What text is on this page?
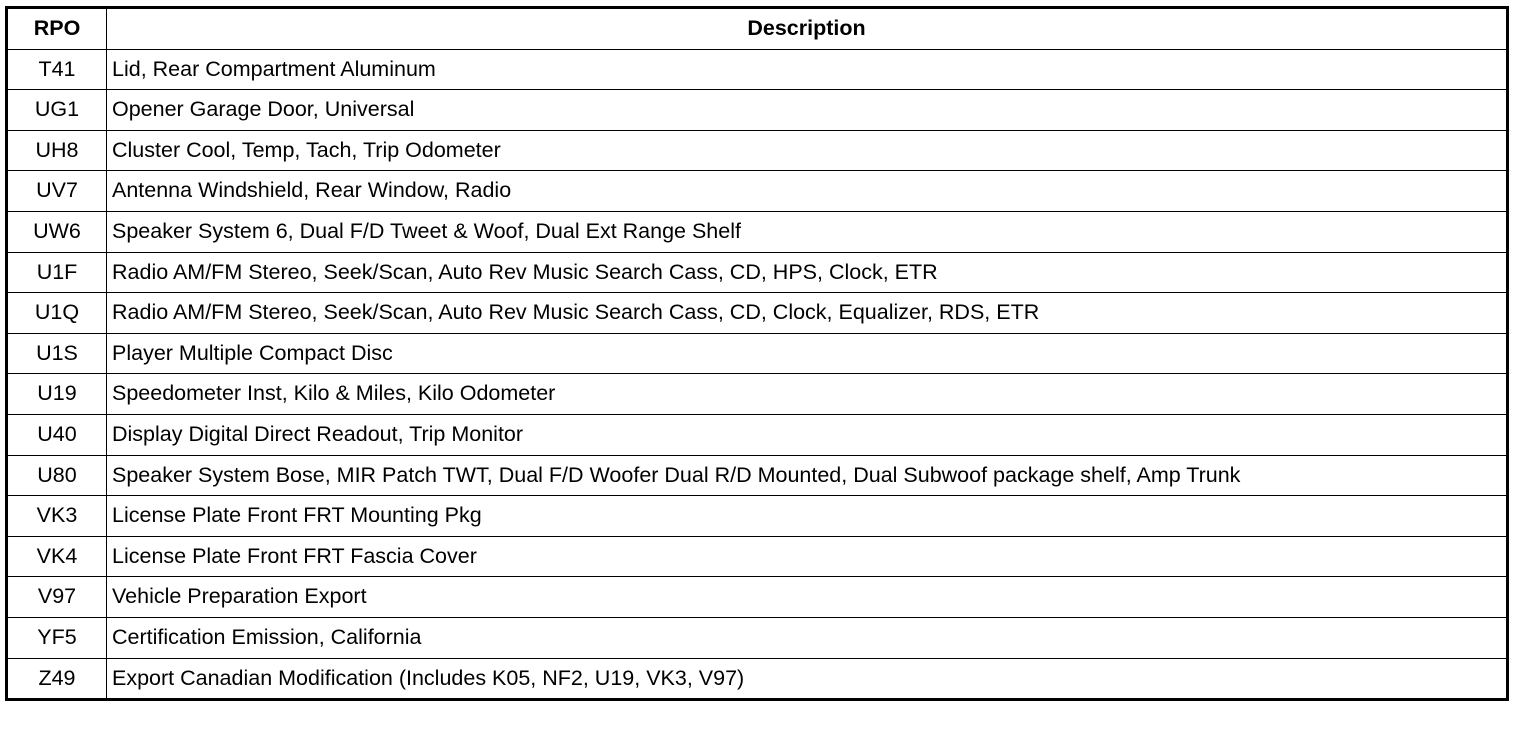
RPO	Description
T41	Lid, Rear Compartment Aluminum
UG1	Opener Garage Door, Universal
UH8	Cluster Cool, Temp, Tach, Trip Odometer
UV7	Antenna Windshield, Rear Window, Radio
UW6	Speaker System 6, Dual F/D Tweet & Woof, Dual Ext Range Shelf
U1F	Radio AM/FM Stereo, Seek/Scan, Auto Rev Music Search Cass, CD, HPS, Clock, ETR
U1Q	Radio AM/FM Stereo, Seek/Scan, Auto Rev Music Search Cass, CD, Clock, Equalizer, RDS, ETR
U1S	Player Multiple Compact Disc
U19	Speedometer Inst, Kilo & Miles, Kilo Odometer
U40	Display Digital Direct Readout, Trip Monitor
U80	Speaker System Bose, MIR Patch TWT, Dual F/D Woofer Dual R/D Mounted, Dual Subwoof package shelf, Amp Trunk
VK3	License Plate Front FRT Mounting Pkg
VK4	License Plate Front FRT Fascia Cover
V97	Vehicle Preparation Export
YF5	Certification Emission, California
Z49	Export Canadian Modification (Includes K05, NF2, U19, VK3, V97)
